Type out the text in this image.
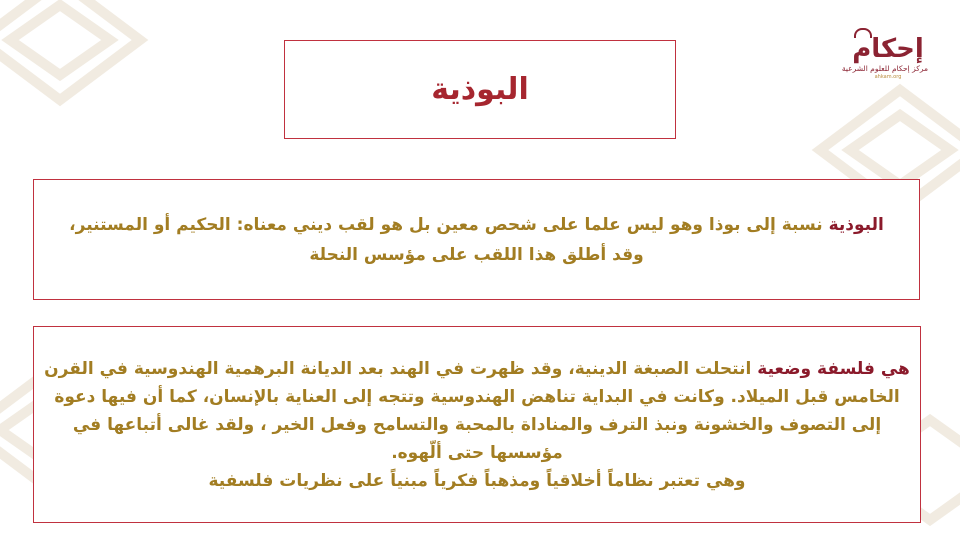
إحكام
مركز إحكام للعلوم الشرعية
ahkam.org
البوذية
البوذية نسبة إلى بوذا وهو ليس علما على شحص معين بل هو لقب ديني معناه: الحكيم أو المستنير، وقد أطلق هذا اللقب على مؤسس النحلة
هي فلسفة وضعية انتحلت الصبغة الدينية، وقد ظهرت في الهند بعد الديانة البرهمية الهندوسية في القرن الخامس قبل الميلاد. وكانت في البداية تناهض الهندوسية وتتجه إلى العناية بالإنسان، كما أن فيها دعوة إلى التصوف والخشونة ونبذ الترف والمناداة بالمحبة والتسامح وفعل الخير ، ولقد غالى أتباعها في مؤسسها حتى ألّهوه.
وهي تعتبر نظاماً أخلاقياً ومذهباً فكرياً مبنياً على نظريات فلسفية
